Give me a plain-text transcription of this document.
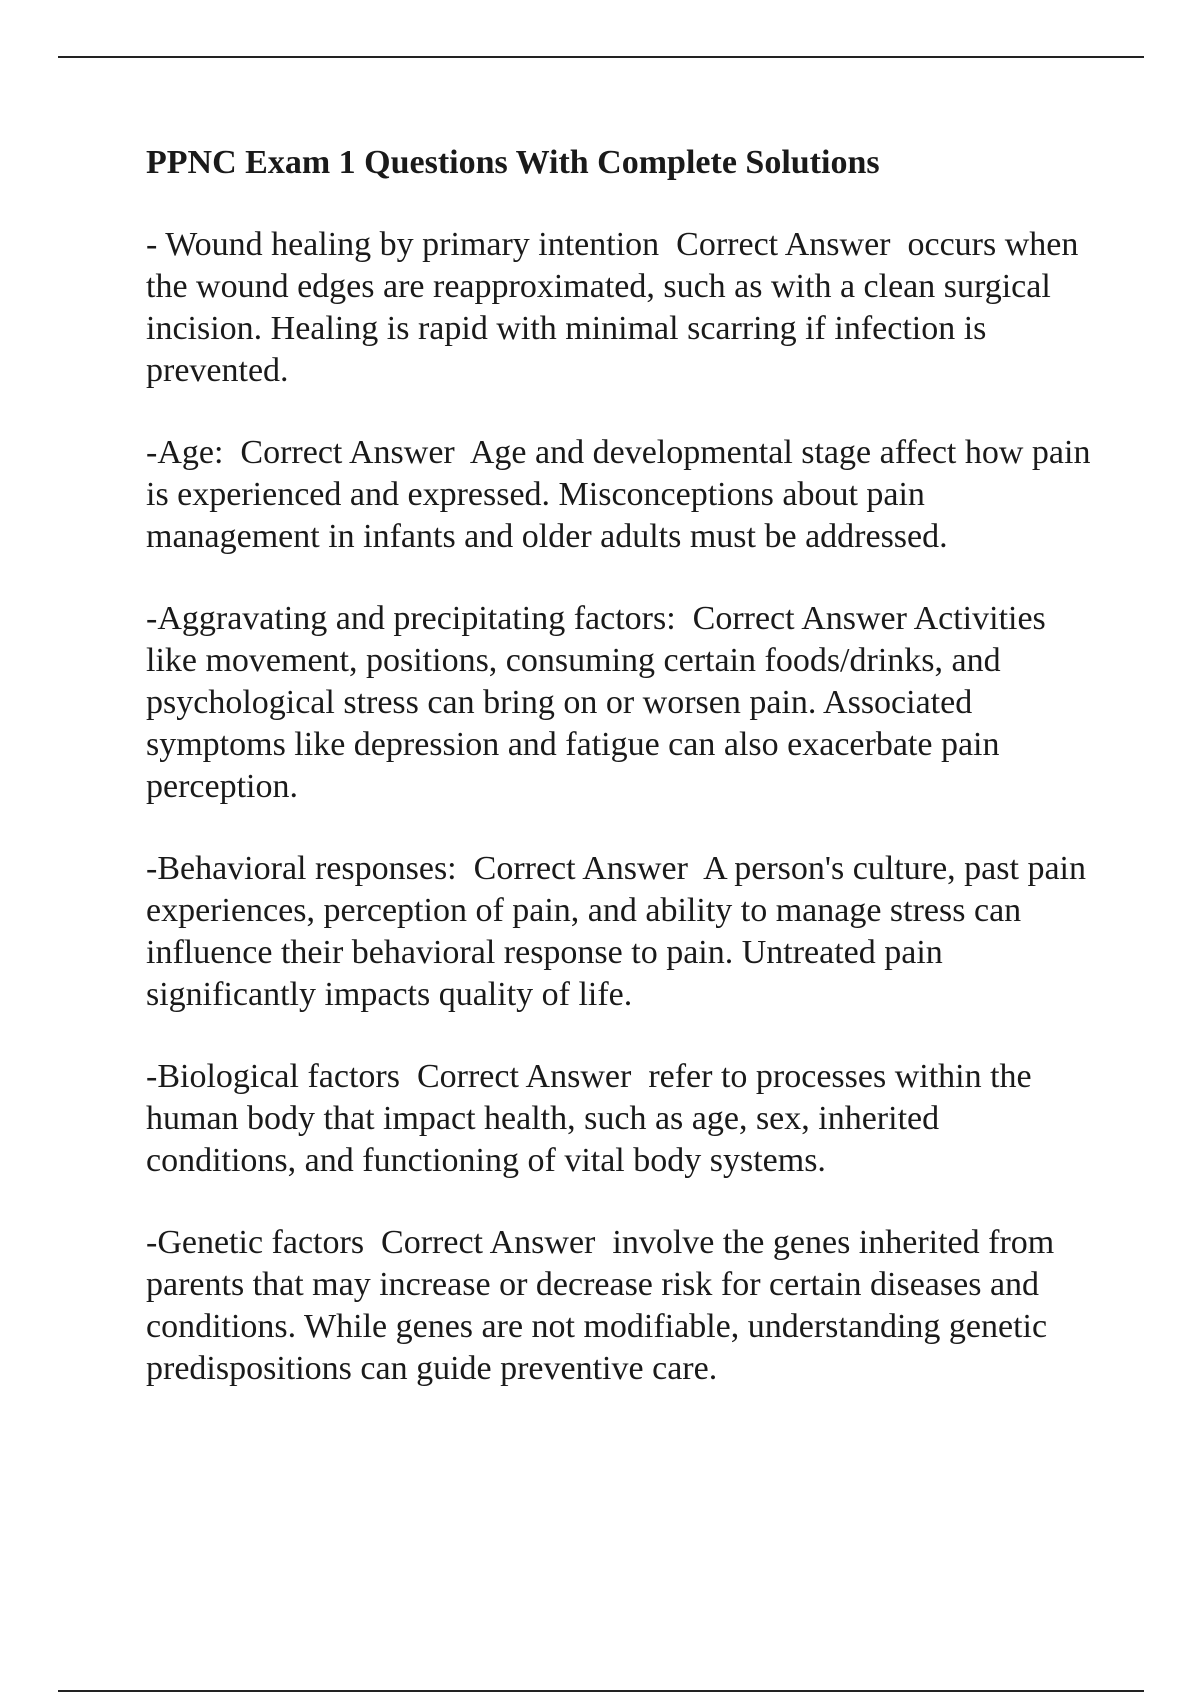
PPNC Exam 1 Questions With Complete Solutions

- Wound healing by primary intention Correct Answer occurs when the wound edges are reapproximated, such as with a clean surgical incision. Healing is rapid with minimal scarring if infection is prevented.

-Age: Correct Answer Age and developmental stage affect how pain is experienced and expressed. Misconceptions about pain management in infants and older adults must be addressed.

-Aggravating and precipitating factors: Correct Answer Activities like movement, positions, consuming certain foods/drinks, and psychological stress can bring on or worsen pain. Associated symptoms like depression and fatigue can also exacerbate pain perception.

-Behavioral responses: Correct Answer A person's culture, past pain experiences, perception of pain, and ability to manage stress can influence their behavioral response to pain. Untreated pain significantly impacts quality of life.

-Biological factors Correct Answer refer to processes within the human body that impact health, such as age, sex, inherited conditions, and functioning of vital body systems.

-Genetic factors Correct Answer involve the genes inherited from parents that may increase or decrease risk for certain diseases and conditions. While genes are not modifiable, understanding genetic predispositions can guide preventive care.
